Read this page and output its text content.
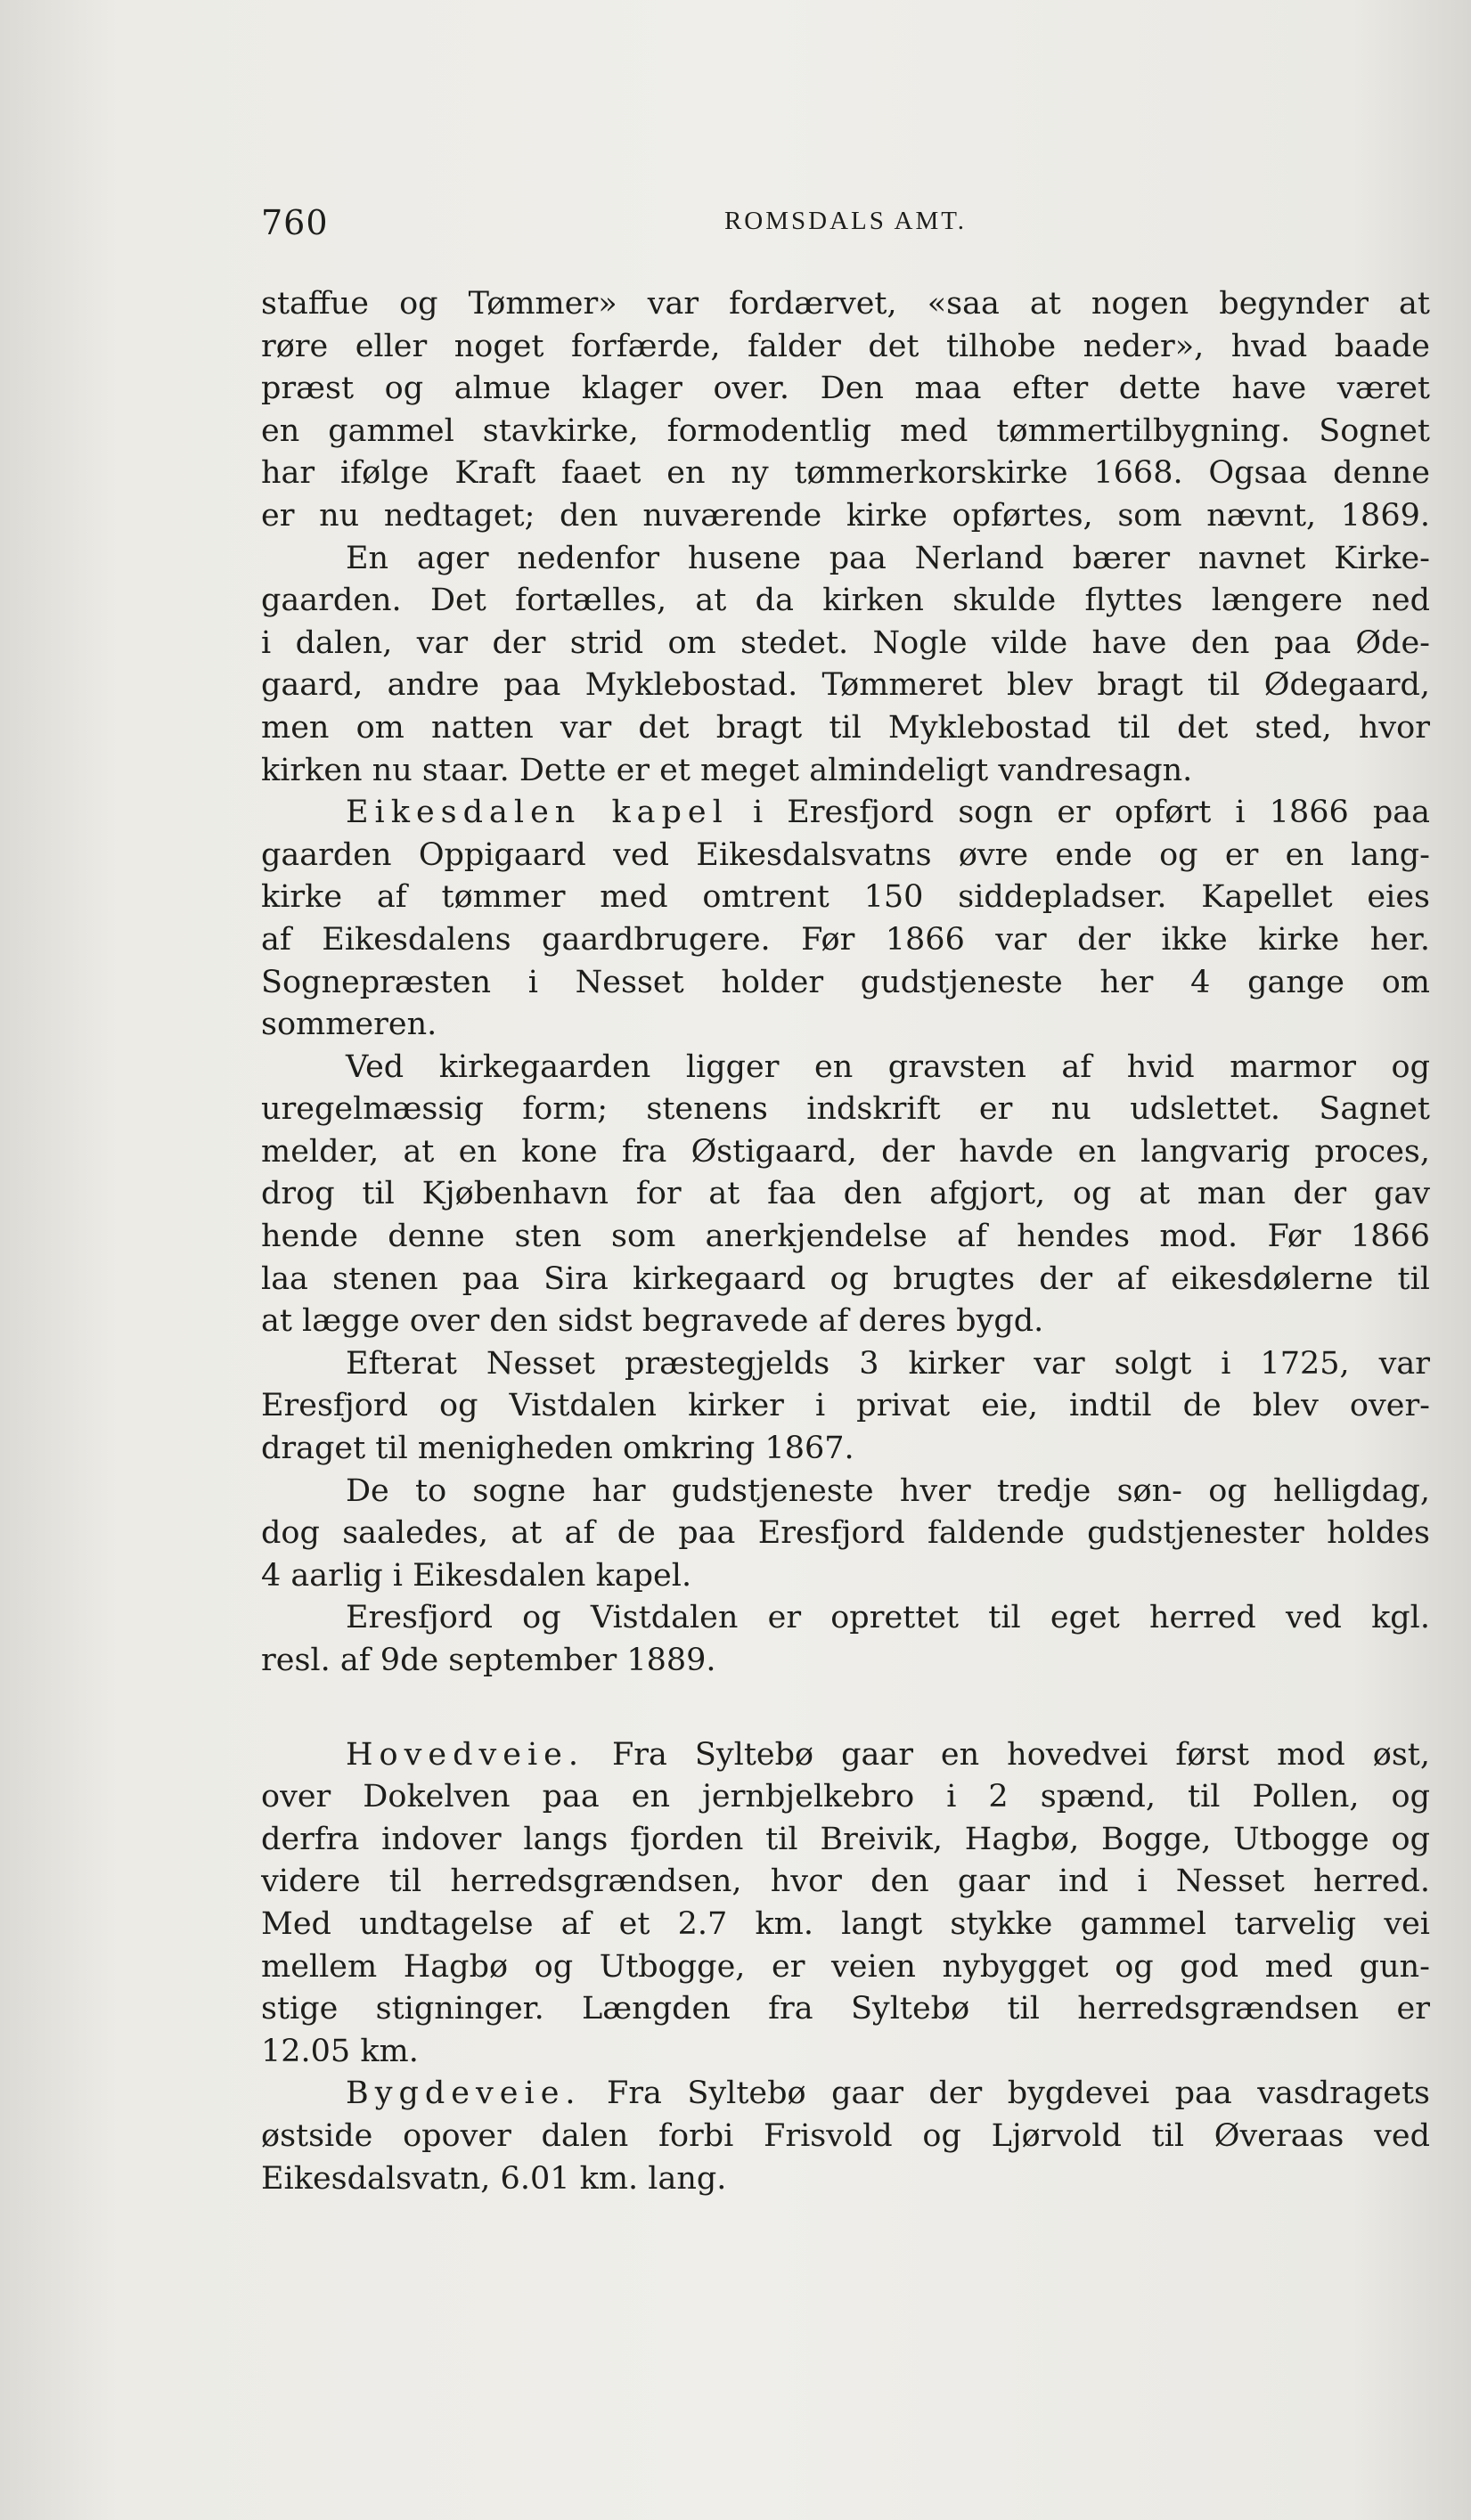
760	ROMSDALS AMT.

staffue og Tømmer» var fordærvet, «saa at nogen begynder at
røre eller noget forfærde, falder det tilhobe neder», hvad baade
præst og almue klager over. Den maa efter dette have været
en gammel stavkirke, formodentlig med tømmertilbygning. Sognet
har ifølge Kraft faaet en ny tømmerkorskirke 1668. Ogsaa denne
er nu nedtaget; den nuværende kirke opførtes, som nævnt, 1869.

En ager nedenfor husene paa Nerland bærer navnet Kirke-
gaarden. Det fortælles, at da kirken skulde flyttes længere ned
i dalen, var der strid om stedet. Nogle vilde have den paa Øde-
gaard, andre paa Myklebostad. Tømmeret blev bragt til Ødegaard,
men om natten var det bragt til Myklebostad til det sted, hvor
kirken nu staar. Dette er et meget almindeligt vandresagn.

Eikesdalen kapel i Eresfjord sogn er opført i 1866 paa
gaarden Oppigaard ved Eikesdalsvatns øvre ende og er en lang-
kirke af tømmer med omtrent 150 siddepladser. Kapellet eies
af Eikesdalens gaardbrugere. Før 1866 var der ikke kirke her.
Sognepræsten i Nesset holder gudstjeneste her 4 gange om
sommeren.

Ved kirkegaarden ligger en gravsten af hvid marmor og
uregelmæssig form; stenens indskrift er nu udslettet. Sagnet
melder, at en kone fra Østigaard, der havde en langvarig proces,
drog til Kjøbenhavn for at faa den afgjort, og at man der gav
hende denne sten som anerkjendelse af hendes mod. Før 1866
laa stenen paa Sira kirkegaard og brugtes der af eikesdølerne til
at lægge over den sidst begravede af deres bygd.

Efterat Nesset præstegjelds 3 kirker var solgt i 1725, var
Eresfjord og Vistdalen kirker i privat eie, indtil de blev over-
draget til menigheden omkring 1867.

De to sogne har gudstjeneste hver tredje søn- og helligdag,
dog saaledes, at af de paa Eresfjord faldende gudstjenester holdes
4 aarlig i Eikesdalen kapel.

Eresfjord og Vistdalen er oprettet til eget herred ved kgl.
resl. af 9de september 1889.

Hovedveie. Fra Syltebø gaar en hovedvei først mod øst,
over Dokelven paa en jernbjelkebro i 2 spænd, til Pollen, og
derfra indover langs fjorden til Breivik, Hagbø, Bogge, Utbogge og
videre til herredsgrændsen, hvor den gaar ind i Nesset herred.
Med undtagelse af et 2.7 km. langt stykke gammel tarvelig vei
mellem Hagbø og Utbogge, er veien nybygget og god med gun-
stige stigninger. Længden fra Syltebø til herredsgrændsen er
12.05 km.

Bygdeveie. Fra Syltebø gaar der bygdevei paa vasdragets
østside opover dalen forbi Frisvold og Ljørvold til Øveraas ved
Eikesdalsvatn, 6.01 km. lang.
